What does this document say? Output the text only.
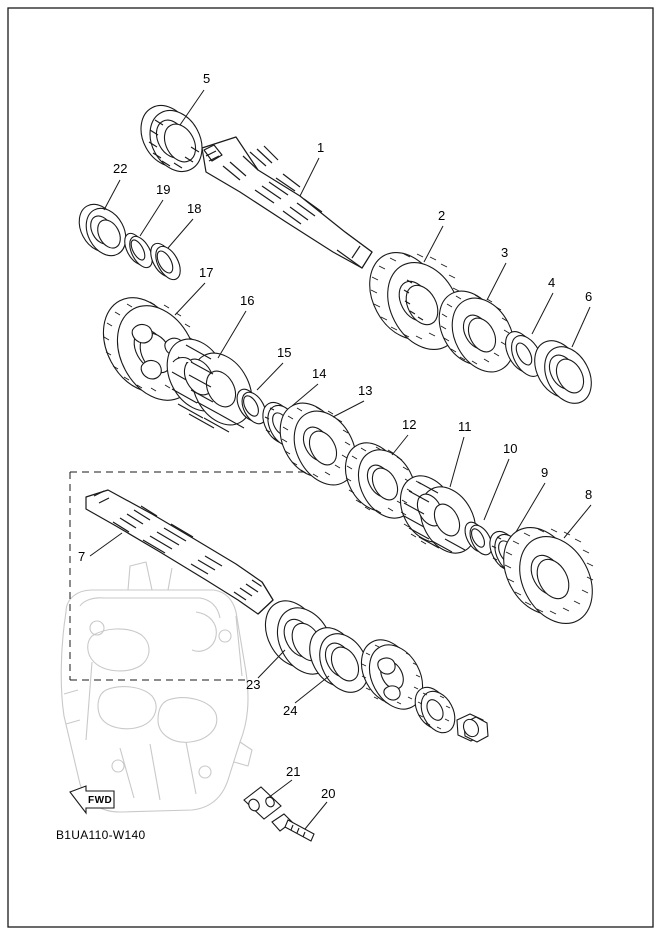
5
1
22
19
18	2
3
4
6
17
16
15
14
13
12	11
10
9
8
7
23
24
21
20
FWD
B1UA110-W140
